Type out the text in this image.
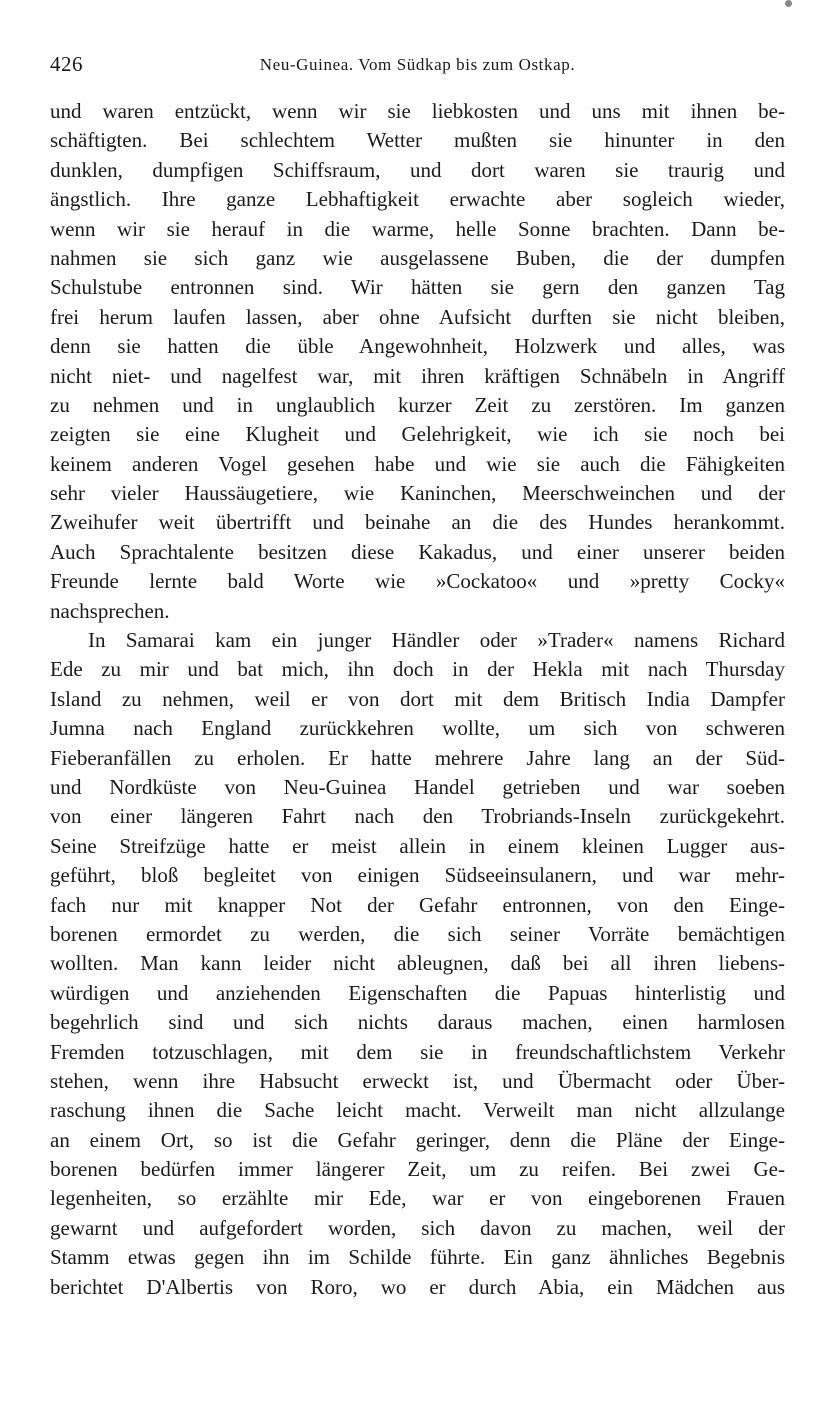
426	Neu-Guinea. Vom Südkap bis zum Ostkap.
und waren entzückt, wenn wir sie liebkosten und uns mit ihnen be-
schäftigten. Bei schlechtem Wetter mußten sie hinunter in den
dunklen, dumpfigen Schiffsraum, und dort waren sie traurig und
ängstlich. Ihre ganze Lebhaftigkeit erwachte aber sogleich wieder,
wenn wir sie herauf in die warme, helle Sonne brachten. Dann be-
nahmen sie sich ganz wie ausgelassene Buben, die der dumpfen
Schulstube entronnen sind. Wir hätten sie gern den ganzen Tag
frei herum laufen lassen, aber ohne Aufsicht durften sie nicht bleiben,
denn sie hatten die üble Angewohnheit, Holzwerk und alles, was
nicht niet- und nagelfest war, mit ihren kräftigen Schnäbeln in Angriff
zu nehmen und in unglaublich kurzer Zeit zu zerstören. Im ganzen
zeigten sie eine Klugheit und Gelehrigkeit, wie ich sie noch bei
keinem anderen Vogel gesehen habe und wie sie auch die Fähigkeiten
sehr vieler Haussäugetiere, wie Kaninchen, Meerschweinchen und der
Zweihufer weit übertrifft und beinahe an die des Hundes herankommt.
Auch Sprachtalente besitzen diese Kakadus, und einer unserer beiden
Freunde lernte bald Worte wie »Cockatoo« und »pretty Cocky«
nachsprechen.
In Samarai kam ein junger Händler oder »Trader« namens Richard
Ede zu mir und bat mich, ihn doch in der Hekla mit nach Thursday
Island zu nehmen, weil er von dort mit dem Britisch India Dampfer
Jumna nach England zurückkehren wollte, um sich von schweren
Fieberanfällen zu erholen. Er hatte mehrere Jahre lang an der Süd-
und Nordküste von Neu-Guinea Handel getrieben und war soeben
von einer längeren Fahrt nach den Trobriands-Inseln zurückgekehrt.
Seine Streifzüge hatte er meist allein in einem kleinen Lugger aus-
geführt, bloß begleitet von einigen Südseeinsulanern, und war mehr-
fach nur mit knapper Not der Gefahr entronnen, von den Einge-
borenen ermordet zu werden, die sich seiner Vorräte bemächtigen
wollten. Man kann leider nicht ableugnen, daß bei all ihren liebens-
würdigen und anziehenden Eigenschaften die Papuas hinterlistig und
begehrlich sind und sich nichts daraus machen, einen harmlosen
Fremden totzuschlagen, mit dem sie in freundschaftlichstem Verkehr
stehen, wenn ihre Habsucht erweckt ist, und Übermacht oder Über-
raschung ihnen die Sache leicht macht. Verweilt man nicht allzulange
an einem Ort, so ist die Gefahr geringer, denn die Pläne der Einge-
borenen bedürfen immer längerer Zeit, um zu reifen. Bei zwei Ge-
legenheiten, so erzählte mir Ede, war er von eingeborenen Frauen
gewarnt und aufgefordert worden, sich davon zu machen, weil der
Stamm etwas gegen ihn im Schilde führte. Ein ganz ähnliches Begebnis
berichtet D'Albertis von Roro, wo er durch Abia, ein Mädchen aus
